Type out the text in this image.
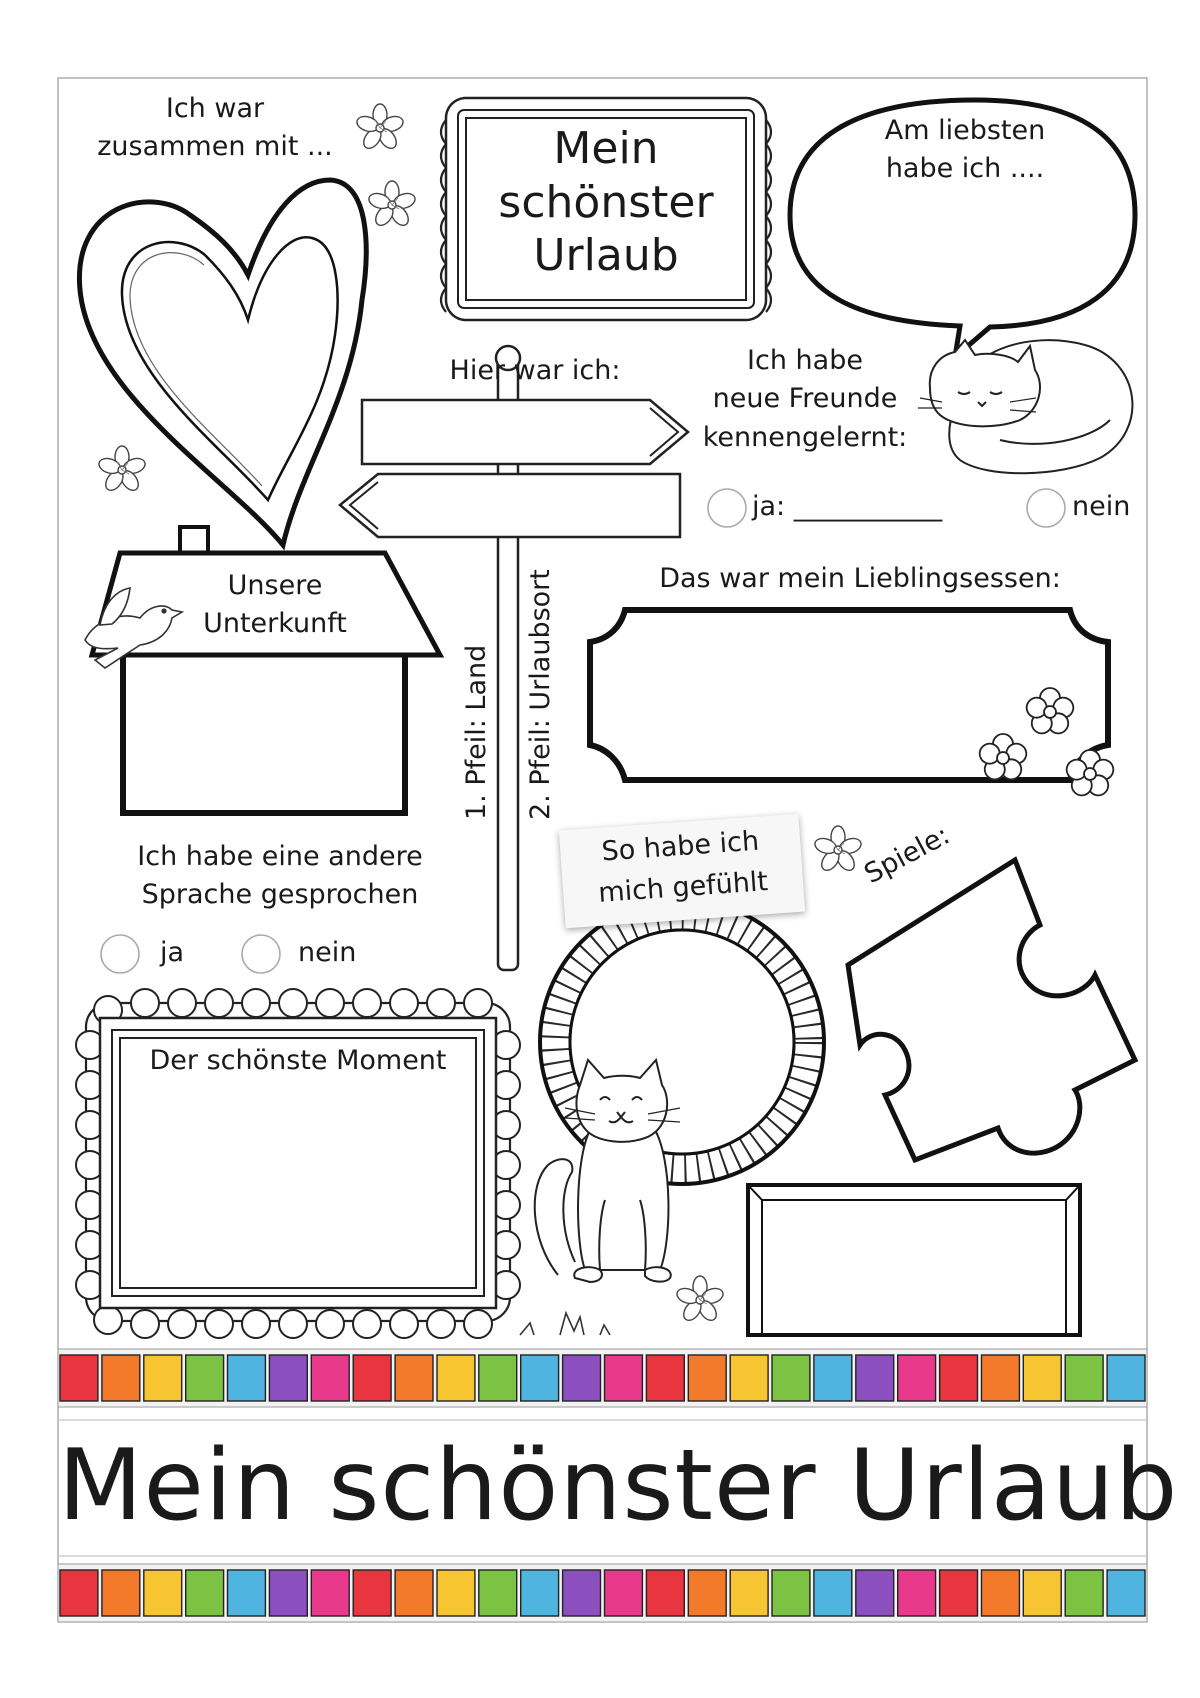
Ich war
zusammen mit ...	Mein
schönster
Urlaub
Am liebsten
habe ich ....
Hier war ich:	Ich habe
neue Freunde
kennengelernt:
ja: ___________	nein
Unsere
Unterkunft
1. Pfeil: Land 2. Pfeil: Urlaubsort	Das war mein Lieblingsessen:
Ich habe eine andere
Sprache gesprochen
ja	nein
So habe ich
mich gefühlt	Spiele:
Der schönste Moment
Mein schönster Urlaub
